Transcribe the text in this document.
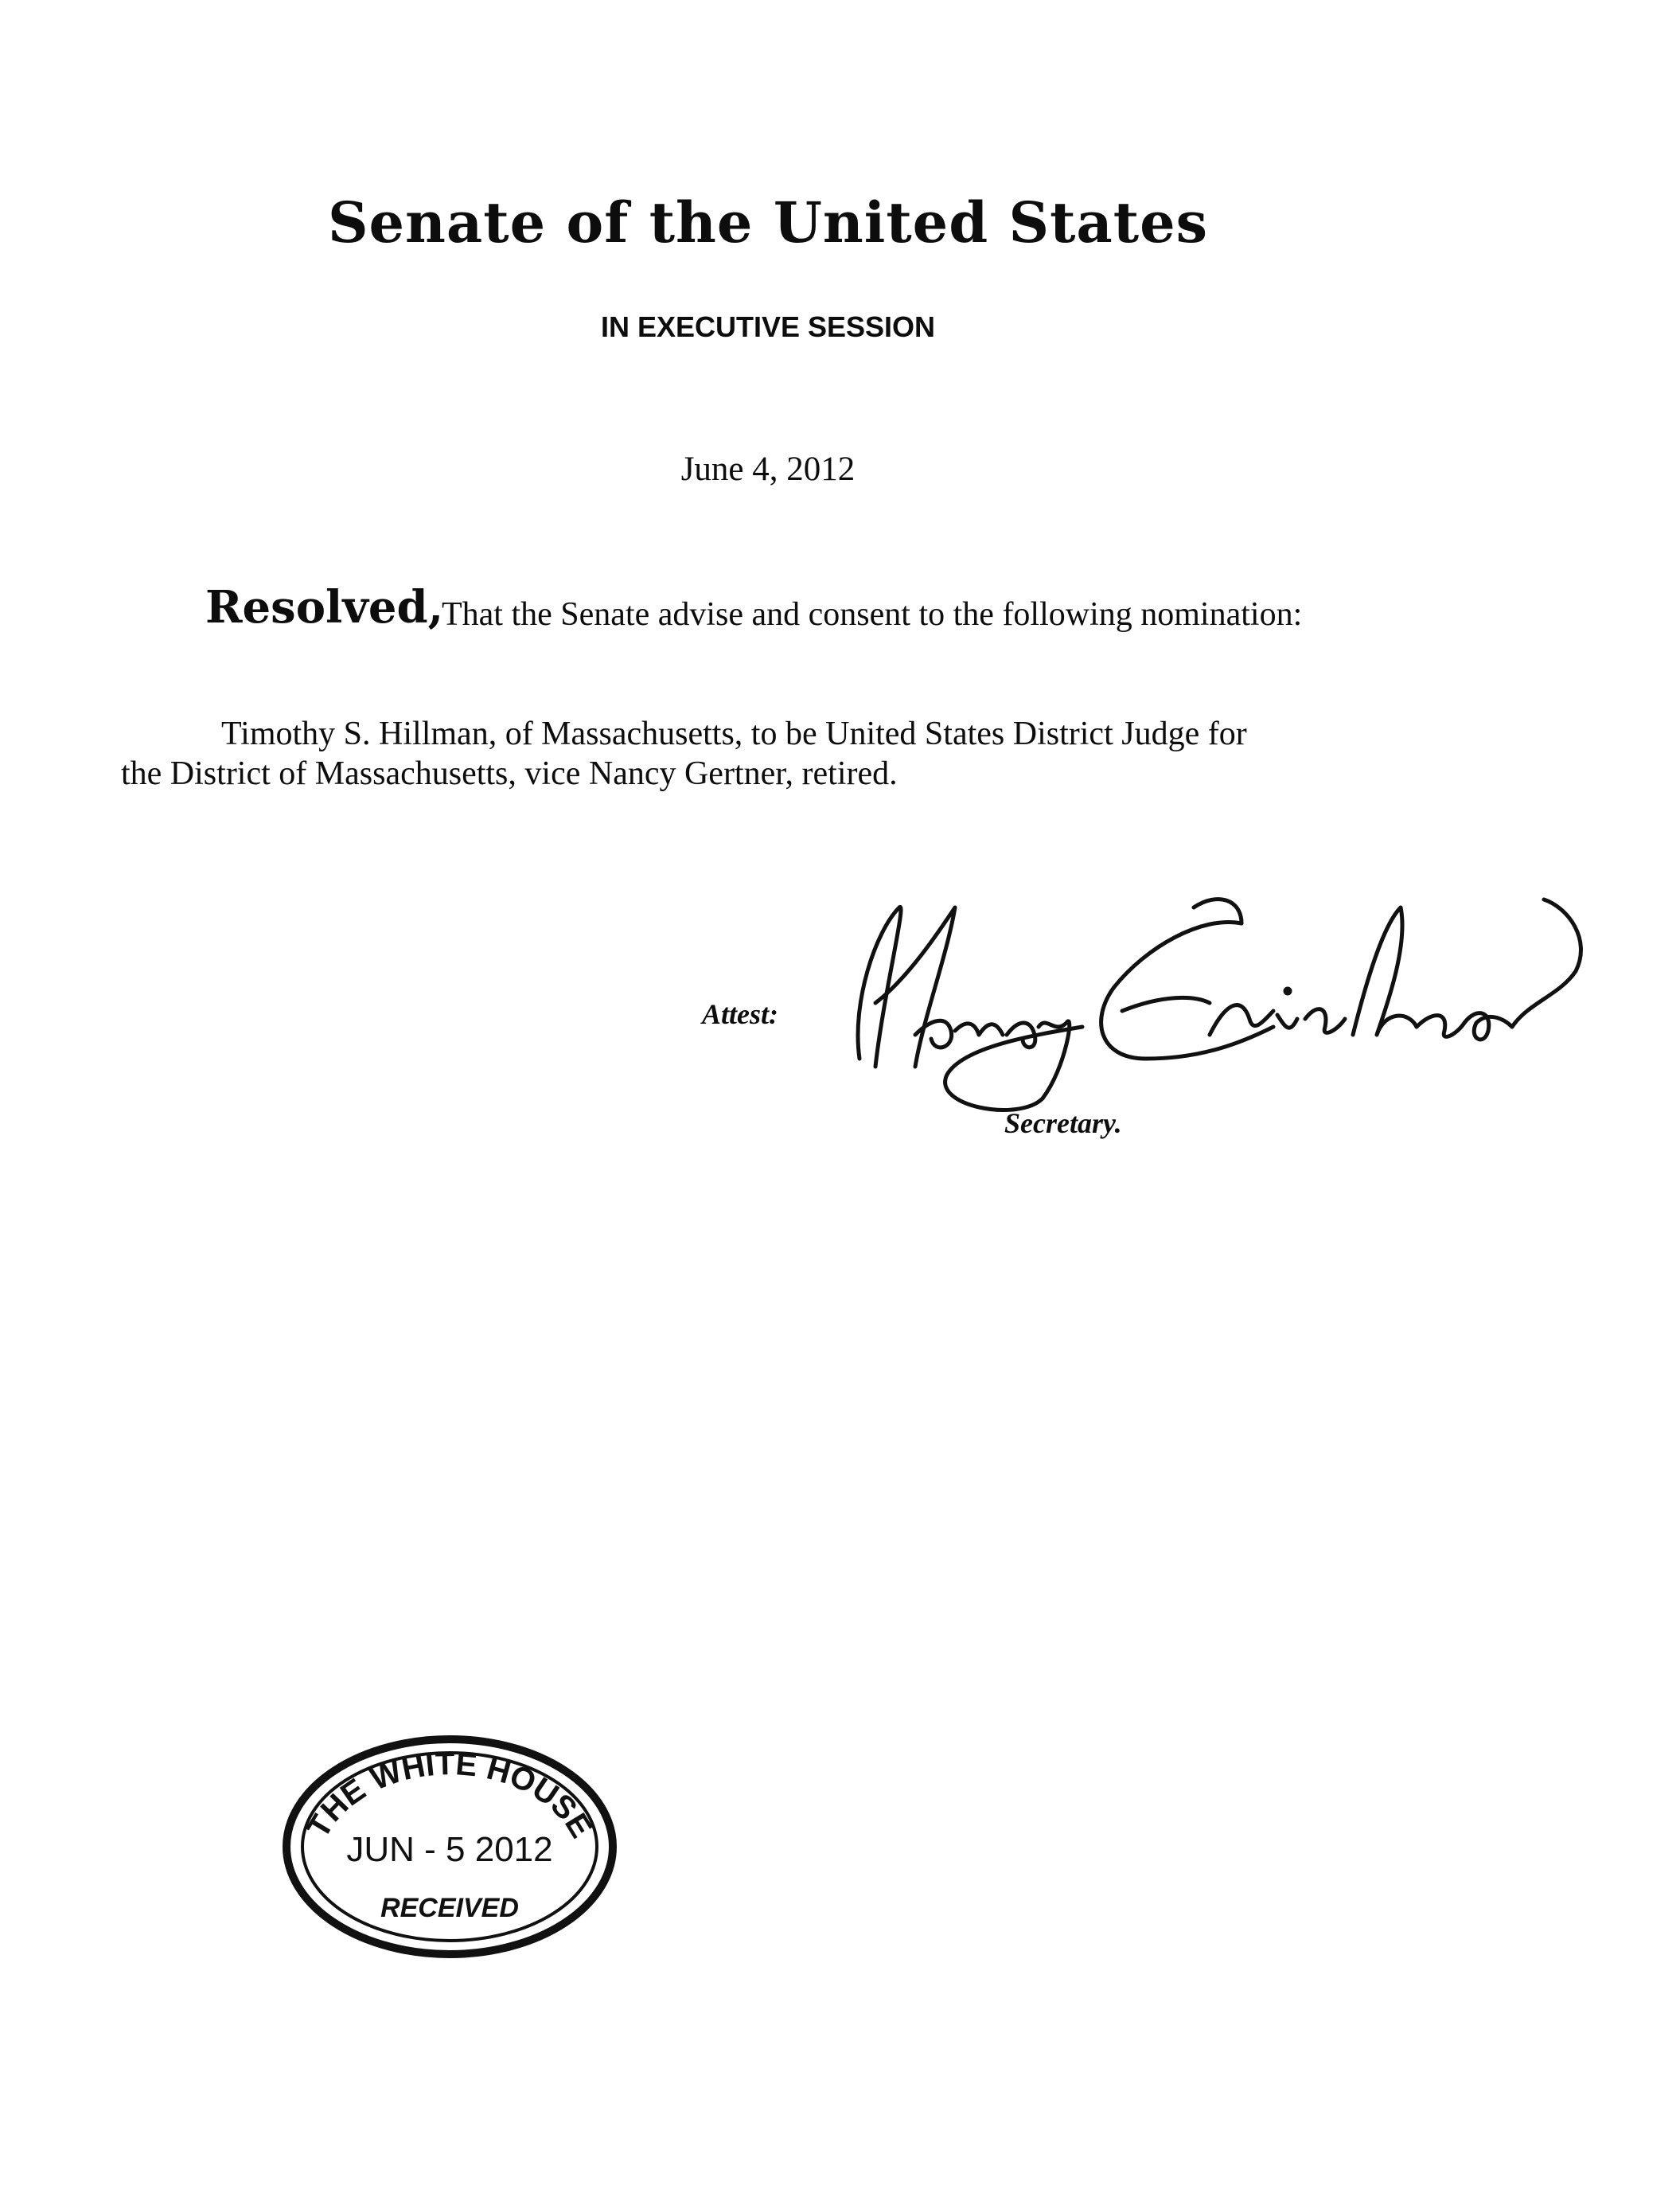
Senate of the United States
IN EXECUTIVE SESSION
June 4, 2012
Resolved,
That the Senate advise and consent to the following nomination:
Timothy S. Hillman, of Massachusetts, to be United States District Judge for
the District of Massachusetts, vice Nancy Gertner, retired.
Attest:
Secretary.
THE WHITE HOUSE
JUN - 5 2012
RECEIVED
